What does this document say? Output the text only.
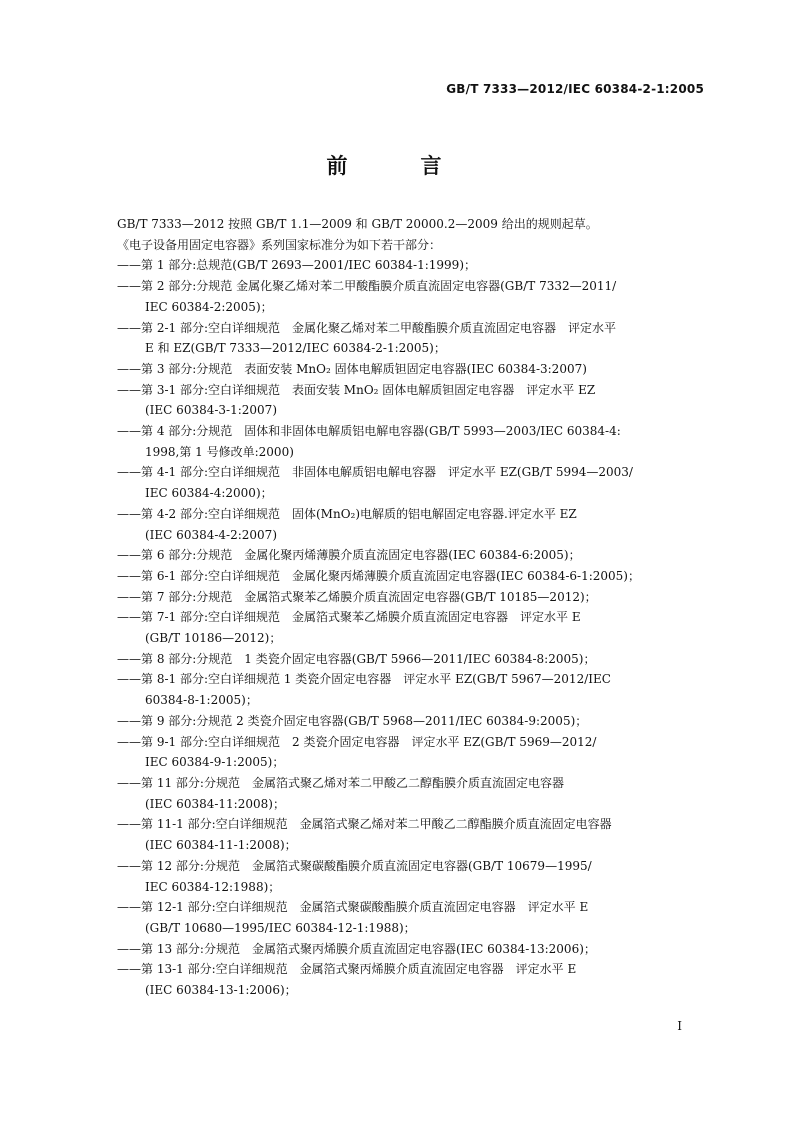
GB/T 7333—2012/IEC 60384-2-1:2005
前　言

GB/T 7333—2012 按照 GB/T 1.1—2009 和 GB/T 20000.2—2009 给出的规则起草。

《电子设备用固定电容器》系列国家标准分为如下若干部分：

——第 1 部分:总规范(GB/T 2693—2001/IEC 60384-1:1999)；
——第 2 部分:分规范 金属化聚乙烯对苯二甲酸酯膜介质直流固定电容器(GB/T 7332—2011/
IEC 60384-2:2005)；
——第 2-1 部分:空白详细规范　金属化聚乙烯对苯二甲酸酯膜介质直流固定电容器　评定水平
E 和 EZ(GB/T 7333—2012/IEC 60384-2-1:2005)；
——第 3 部分:分规范　表面安装 MnO₂ 固体电解质钽固定电容器(IEC 60384-3:2007)
——第 3-1 部分:空白详细规范　表面安装 MnO₂ 固体电解质钽固定电容器　评定水平 EZ
(IEC 60384-3-1:2007)
——第 4 部分:分规范　固体和非固体电解质铝电解电容器(GB/T 5993—2003/IEC 60384-4:
1998,第 1 号修改单:2000)
——第 4-1 部分:空白详细规范　非固体电解质铝电解电容器　评定水平 EZ(GB/T 5994—2003/
IEC 60384-4:2000)；
——第 4-2 部分:空白详细规范　固体(MnO₂)电解质的铝电解固定电容器.评定水平 EZ
(IEC 60384-4-2:2007)
——第 6 部分:分规范　金属化聚丙烯薄膜介质直流固定电容器(IEC 60384-6:2005)；
——第 6-1 部分:空白详细规范　金属化聚丙烯薄膜介质直流固定电容器(IEC 60384-6-1:2005)；
——第 7 部分:分规范　金属箔式聚苯乙烯膜介质直流固定电容器(GB/T 10185—2012)；
——第 7-1 部分:空白详细规范　金属箔式聚苯乙烯膜介质直流固定电容器　评定水平 E
(GB/T 10186—2012)；
——第 8 部分:分规范　1 类瓷介固定电容器(GB/T 5966—2011/IEC 60384-8:2005)；
——第 8-1 部分:空白详细规范 1 类瓷介固定电容器　评定水平 EZ(GB/T 5967—2012/IEC
60384-8-1:2005)；
——第 9 部分:分规范 2 类瓷介固定电容器(GB/T 5968—2011/IEC 60384-9:2005)；
——第 9-1 部分:空白详细规范　2 类瓷介固定电容器　评定水平 EZ(GB/T 5969—2012/
IEC 60384-9-1:2005)；
——第 11 部分:分规范　金属箔式聚乙烯对苯二甲酸乙二醇酯膜介质直流固定电容器
(IEC 60384-11:2008)；
——第 11-1 部分:空白详细规范　金属箔式聚乙烯对苯二甲酸乙二醇酯膜介质直流固定电容器
(IEC 60384-11-1:2008)；
——第 12 部分:分规范　金属箔式聚碳酸酯膜介质直流固定电容器(GB/T 10679—1995/
IEC 60384-12:1988)；
——第 12-1 部分:空白详细规范　金属箔式聚碳酸酯膜介质直流固定电容器　评定水平 E
(GB/T 10680—1995/IEC 60384-12-1:1988)；
——第 13 部分:分规范　金属箔式聚丙烯膜介质直流固定电容器(IEC 60384-13:2006)；
——第 13-1 部分:空白详细规范　金属箔式聚丙烯膜介质直流固定电容器　评定水平 E
(IEC 60384-13-1:2006)；
I
